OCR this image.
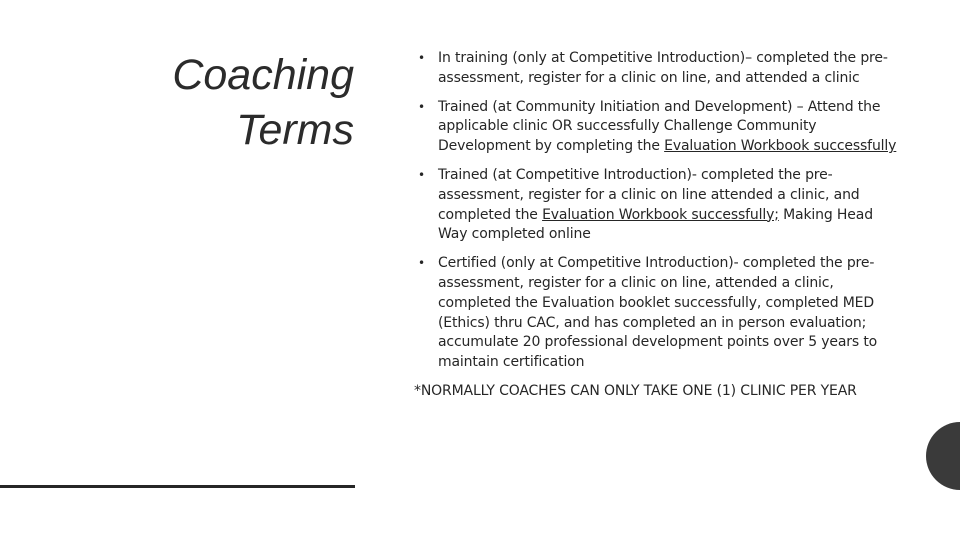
Coaching
Terms
• In training (only at Competitive Introduction)– completed the pre-assessment, register for a clinic on line, and attended a clinic
• Trained (at Community Initiation and Development) – Attend the applicable clinic OR successfully Challenge Community Development by completing the Evaluation Workbook successfully
• Trained (at Competitive Introduction)- completed the pre-assessment, register for a clinic on line attended a clinic, and completed the Evaluation Workbook successfully; Making Head Way completed online
• Certified (only at Competitive Introduction)- completed the pre-assessment, register for a clinic on line, attended a clinic, completed the Evaluation booklet successfully, completed MED (Ethics) thru CAC, and has completed an in person evaluation; accumulate 20 professional development points over 5 years to maintain certification
*NORMALLY COACHES CAN ONLY TAKE ONE (1) CLINIC PER YEAR
